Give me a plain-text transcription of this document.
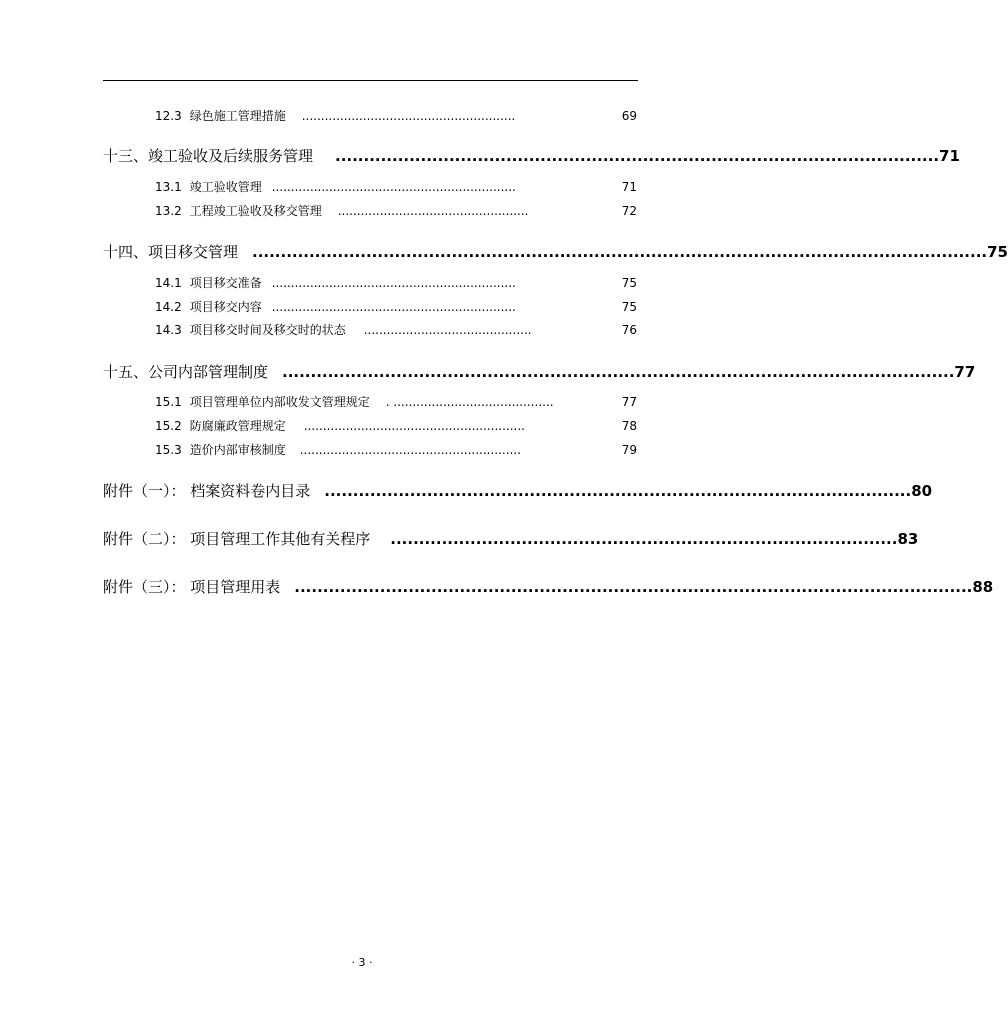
12.3 绿色施工管理措施 ........................................................	69
十三、竣工验收及后续服务管理 .......................................................................................................... 71
13.1 竣工验收管理 ................................................................	71
13.2 工程竣工验收及移交管理 ..................................................	72
十四、项目移交管理 ................................................................................................................................. 75
14.1 项目移交准备 ................................................................	75
14.2 项目移交内容 ................................................................	75
14.3 项目移交时间及移交时的状态 ............................................	76
十五、公司内部管理制度 ...................................................................................................................... 77
15.1 项目管理单位内部收发文管理规定 . ..........................................	77
15.2 防腐廉政管理规定 ..........................................................	78
15.3 造价内部审核制度 ..........................................................	79
附件（一）： 档案资料卷内目录 ....................................................................................................... 80
附件（二）： 项目管理工作其他有关程序 ......................................................................................... 83
附件（三）： 项目管理用表 ....................................................................................................................... 88
· 3 ·
